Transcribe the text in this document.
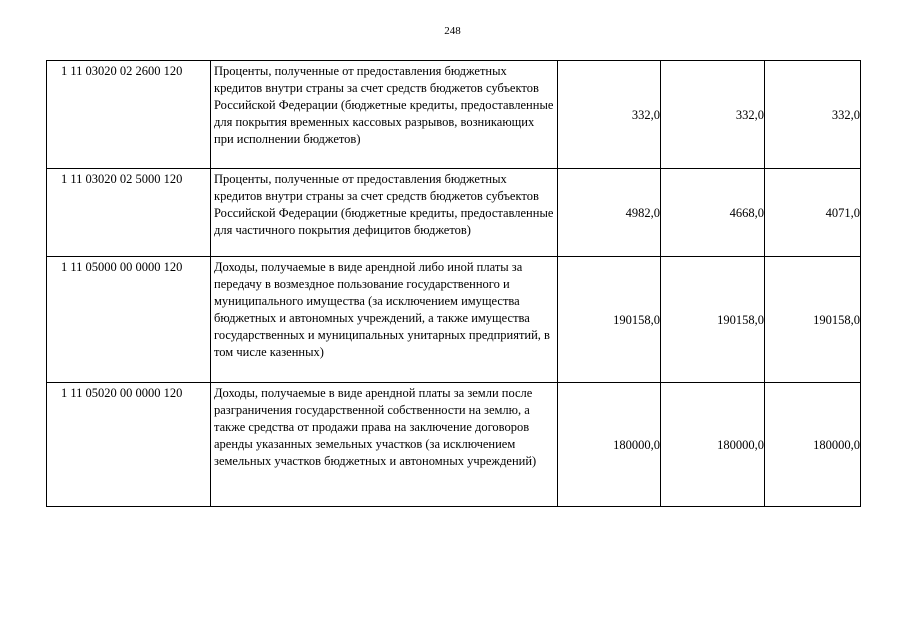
248
1 11 03020 02 2600 120	Проценты, полученные от предоставления бюджетных кредитов внутри страны за счет средств бюджетов субъектов Российской Федерации (бюджетные кредиты, предоставленные для покрытия временных кассовых разрывов, возникающих при исполнении бюджетов)	332,0	332,0	332,0
1 11 03020 02 5000 120	Проценты, полученные от предоставления бюджетных кредитов внутри страны за счет средств бюджетов субъектов Российской Федерации (бюджетные кредиты, предоставленные для частичного покрытия дефицитов бюджетов)	4982,0	4668,0	4071,0
1 11 05000 00 0000 120	Доходы, получаемые в виде арендной либо иной платы за передачу в возмездное пользование государственного и муниципального имущества (за исключением имущества бюджетных и автономных учреждений, а также имущества государственных и муниципальных унитарных предприятий, в том числе казенных)	190158,0	190158,0	190158,0
1 11 05020 00 0000 120	Доходы, получаемые в виде арендной платы за земли после разграничения государственной собственности на землю, а также средства от продажи права на заключение договоров аренды указанных земельных участков (за исключением земельных участков бюджетных и автономных учреждений)	180000,0	180000,0	180000,0
